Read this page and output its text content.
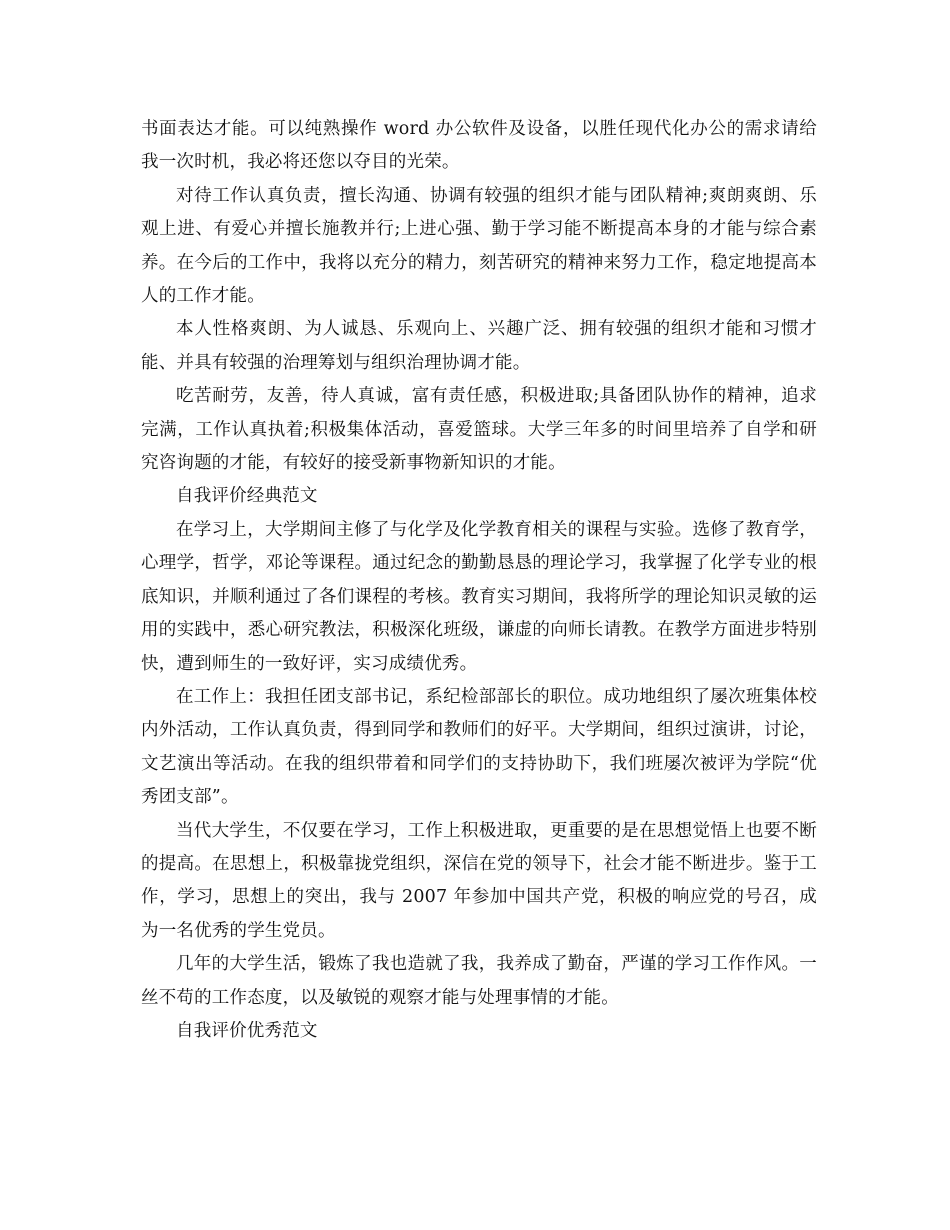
书面表达才能。可以纯熟操作 word 办公软件及设备，以胜任现代化办公的需求请给我一次时机，我必将还您以夺目的光荣。

对待工作认真负责，擅长沟通、协调有较强的组织才能与团队精神;爽朗爽朗、乐观上进、有爱心并擅长施教并行;上进心强、勤于学习能不断提高本身的才能与综合素养。在今后的工作中，我将以充分的精力，刻苦研究的精神来努力工作，稳定地提高本人的工作才能。

本人性格爽朗、为人诚恳、乐观向上、兴趣广泛、拥有较强的组织才能和习惯才能、并具有较强的治理筹划与组织治理协调才能。

吃苦耐劳，友善，待人真诚，富有责任感，积极进取;具备团队协作的精神，追求完满，工作认真执着;积极集体活动，喜爱篮球。大学三年多的时间里培养了自学和研究咨询题的才能，有较好的接受新事物新知识的才能。

自我评价经典范文

在学习上，大学期间主修了与化学及化学教育相关的课程与实验。选修了教育学，心理学，哲学，邓论等课程。通过纪念的勤勤恳恳的理论学习，我掌握了化学专业的根底知识，并顺利通过了各们课程的考核。教育实习期间，我将所学的理论知识灵敏的运用的实践中，悉心研究教法，积极深化班级，谦虚的向师长请教。在教学方面进步特别快，遭到师生的一致好评，实习成绩优秀。

在工作上：我担任团支部书记，系纪检部部长的职位。成功地组织了屡次班集体校内外活动，工作认真负责，得到同学和教师们的好平。大学期间，组织过演讲，讨论，文艺演出等活动。在我的组织带着和同学们的支持协助下，我们班屡次被评为学院“优秀团支部”。

当代大学生，不仅要在学习，工作上积极进取，更重要的是在思想觉悟上也要不断的提高。在思想上，积极靠拢党组织，深信在党的领导下，社会才能不断进步。鉴于工作，学习，思想上的突出，我与 2007 年参加中国共产党，积极的响应党的号召，成为一名优秀的学生党员。

几年的大学生活，锻炼了我也造就了我，我养成了勤奋，严谨的学习工作作风。一丝不苟的工作态度，以及敏锐的观察才能与处理事情的才能。

自我评价优秀范文
